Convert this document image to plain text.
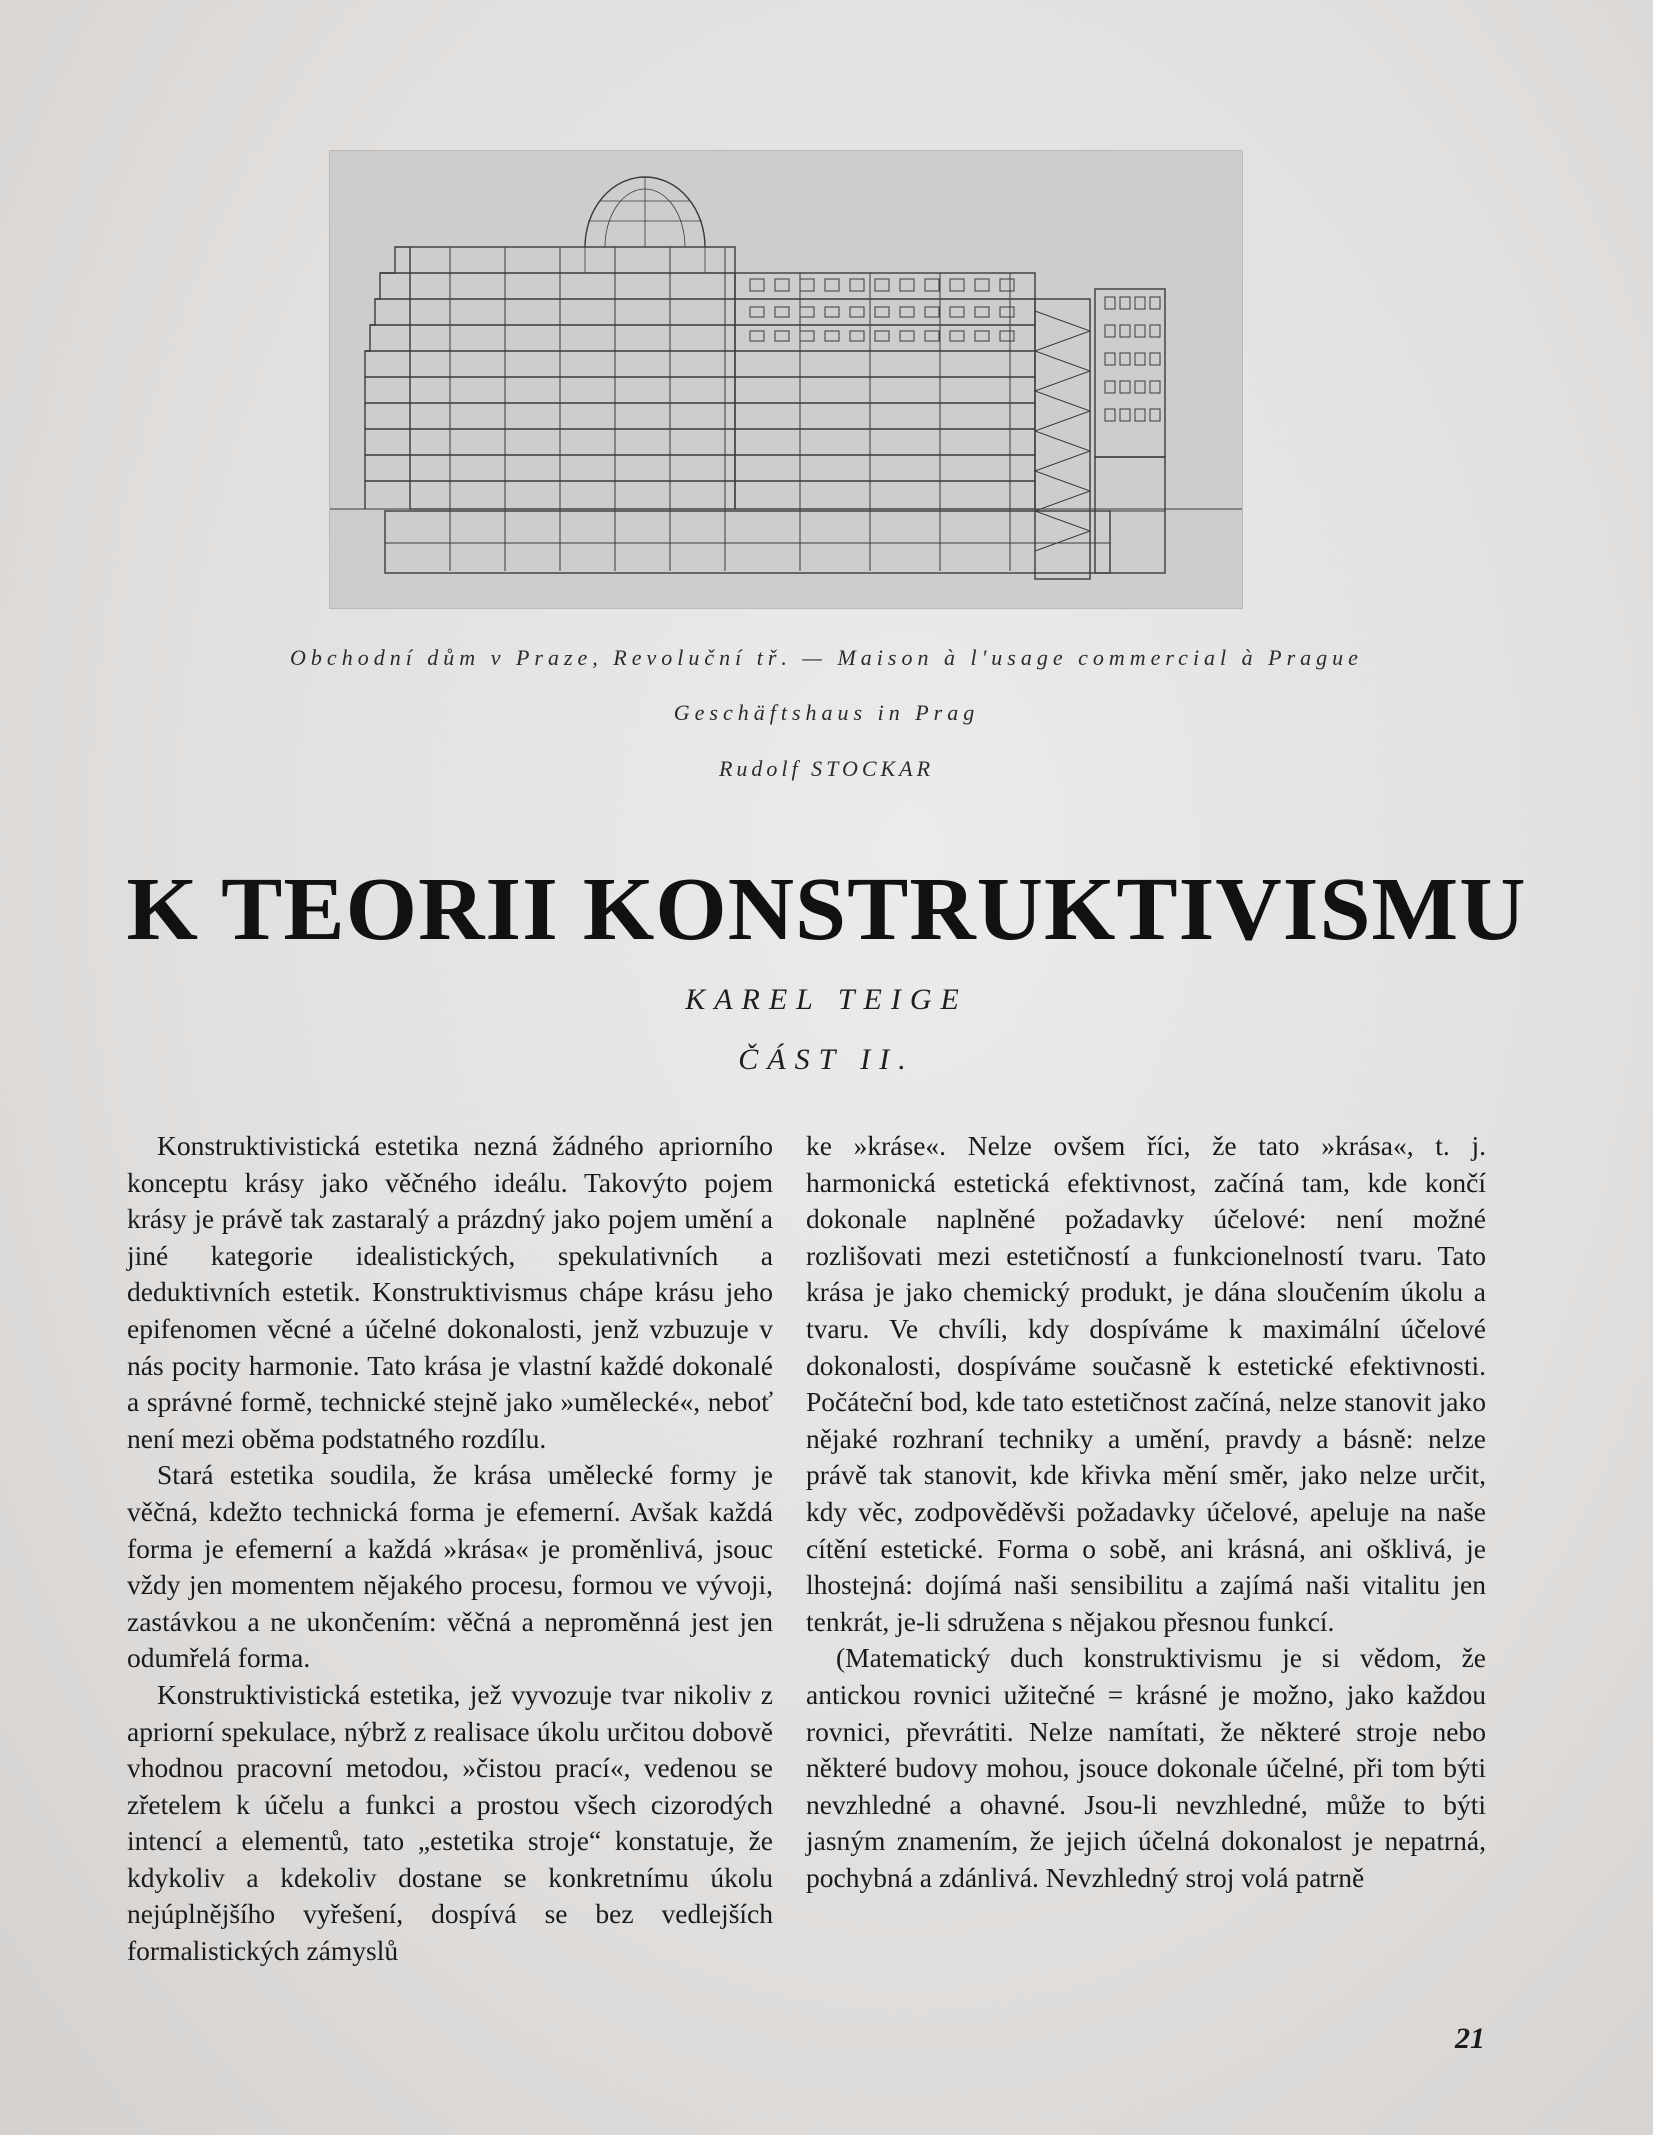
Obchodní dům v Praze, Revoluční tř. — Maison à l'usage commercial à Prague
Geschäftshaus in Prag
Rudolf STOCKAR
K TEORII KONSTRUKTIVISMU
KAREL TEIGE
ČÁST II.

Konstruktivistická estetika nezná žádného apriorního konceptu krásy jako věčného ideálu. Takovýto pojem krásy je právě tak zastaralý a prázdný jako pojem umění a jiné kategorie idealistických, spekulativních a deduktivních estetik. Konstruktivismus chápe krásu jeho epifenomen věcné a účelné dokonalosti, jenž vzbuzuje v nás pocity harmonie. Tato krása je vlastní každé dokonalé a správné formě, technické stejně jako »umělecké«, neboť není mezi oběma podstatného rozdílu.

Stará estetika soudila, že krása umělecké formy je věčná, kdežto technická forma je efemerní. Avšak každá forma je efemerní a každá »krása« je proměnlivá, jsouc vždy jen momentem nějakého procesu, formou ve vývoji, zastávkou a ne ukončením: věčná a neproměnná jest jen odumřelá forma.

Konstruktivistická estetika, jež vyvozuje tvar nikoliv z apriorní spekulace, nýbrž z realisace úkolu určitou dobově vhodnou pracovní metodou, »čistou prací«, vedenou se zřetelem k účelu a funkci a prostou všech cizorodých intencí a elementů, tato „estetika stroje“ konstatuje, že kdykoliv a kdekoliv dostane se konkretnímu úkolu nejúplnějšího vyřešení, dospívá se bez vedlejších formalistických zámyslů

ke »kráse«. Nelze ovšem říci, že tato »krása«, t. j. harmonická estetická efektivnost, začíná tam, kde končí dokonale naplněné požadavky účelové: není možné rozlišovati mezi estetičností a funkcionelností tvaru. Tato krása je jako chemický produkt, je dána sloučením úkolu a tvaru. Ve chvíli, kdy dospíváme k maximální účelové dokonalosti, dospíváme současně k estetické efektivnosti. Počáteční bod, kde tato estetičnost začíná, nelze stanovit jako nějaké rozhraní techniky a umění, pravdy a básně: nelze právě tak stanovit, kde křivka mění směr, jako nelze určit, kdy věc, zodpověděvši požadavky účelové, apeluje na naše cítění estetické. Forma o sobě, ani krásná, ani ošklivá, je lhostejná: dojímá naši sensibilitu a zajímá naši vitalitu jen tenkrát, je-li sdružena s nějakou přesnou funkcí.

(Matematický duch konstruktivismu je si vědom, že antickou rovnici užitečné = krásné je možno, jako každou rovnici, převrátiti. Nelze namítati, že některé stroje nebo některé budovy mohou, jsouce dokonale účelné, při tom býti nevzhledné a ohavné. Jsou-li nevzhledné, může to býti jasným znamením, že jejich účelná dokonalost je nepatrná, pochybná a zdánlivá. Nevzhledný stroj volá patrně

21
